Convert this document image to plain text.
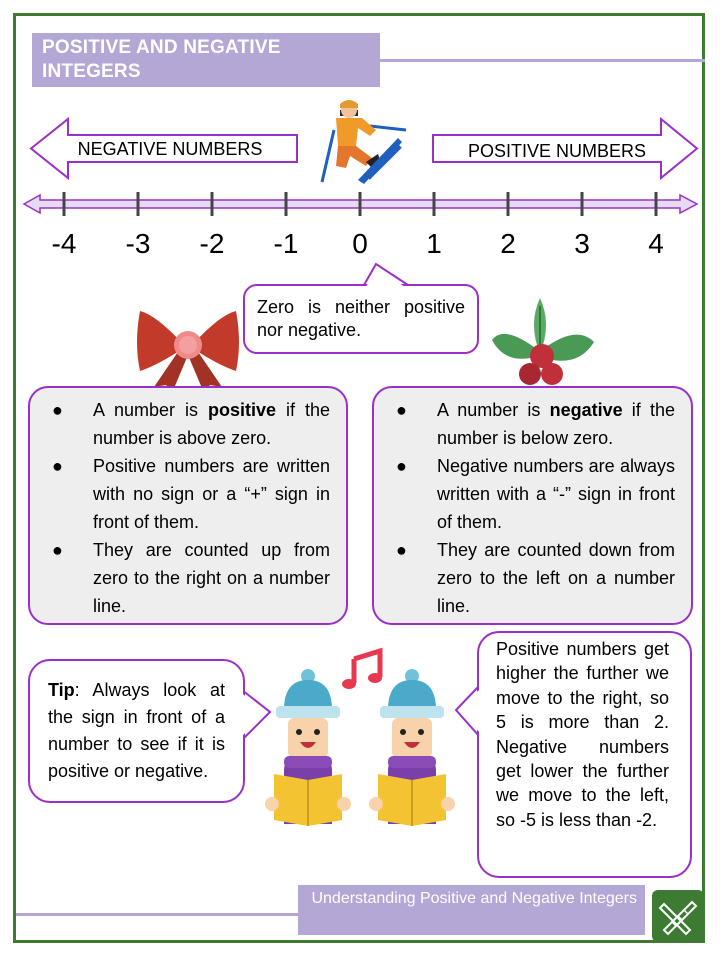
POSITIVE AND NEGATIVE INTEGERS
NEGATIVE NUMBERS	POSITIVE NUMBERS
-4	-3	-2	-1	0	1	2	3	4
Zero is neither positive nor negative.
● A number is positive if the number is above zero.
● Positive numbers are written with no sign or a “+” sign in front of them.
● They are counted up from zero to the right on a number line.
● A number is negative if the number is below zero.
● Negative numbers are always written with a “-” sign in front of them.
● They are counted down from zero to the left on a number line.
Tip: Always look at the sign in front of a number to see if it is positive or negative.
Positive numbers get higher the further we move to the right, so 5 is more than 2. Negative numbers get lower the further we move to the left, so -5 is less than -2.
Understanding Positive and Negative Integers
